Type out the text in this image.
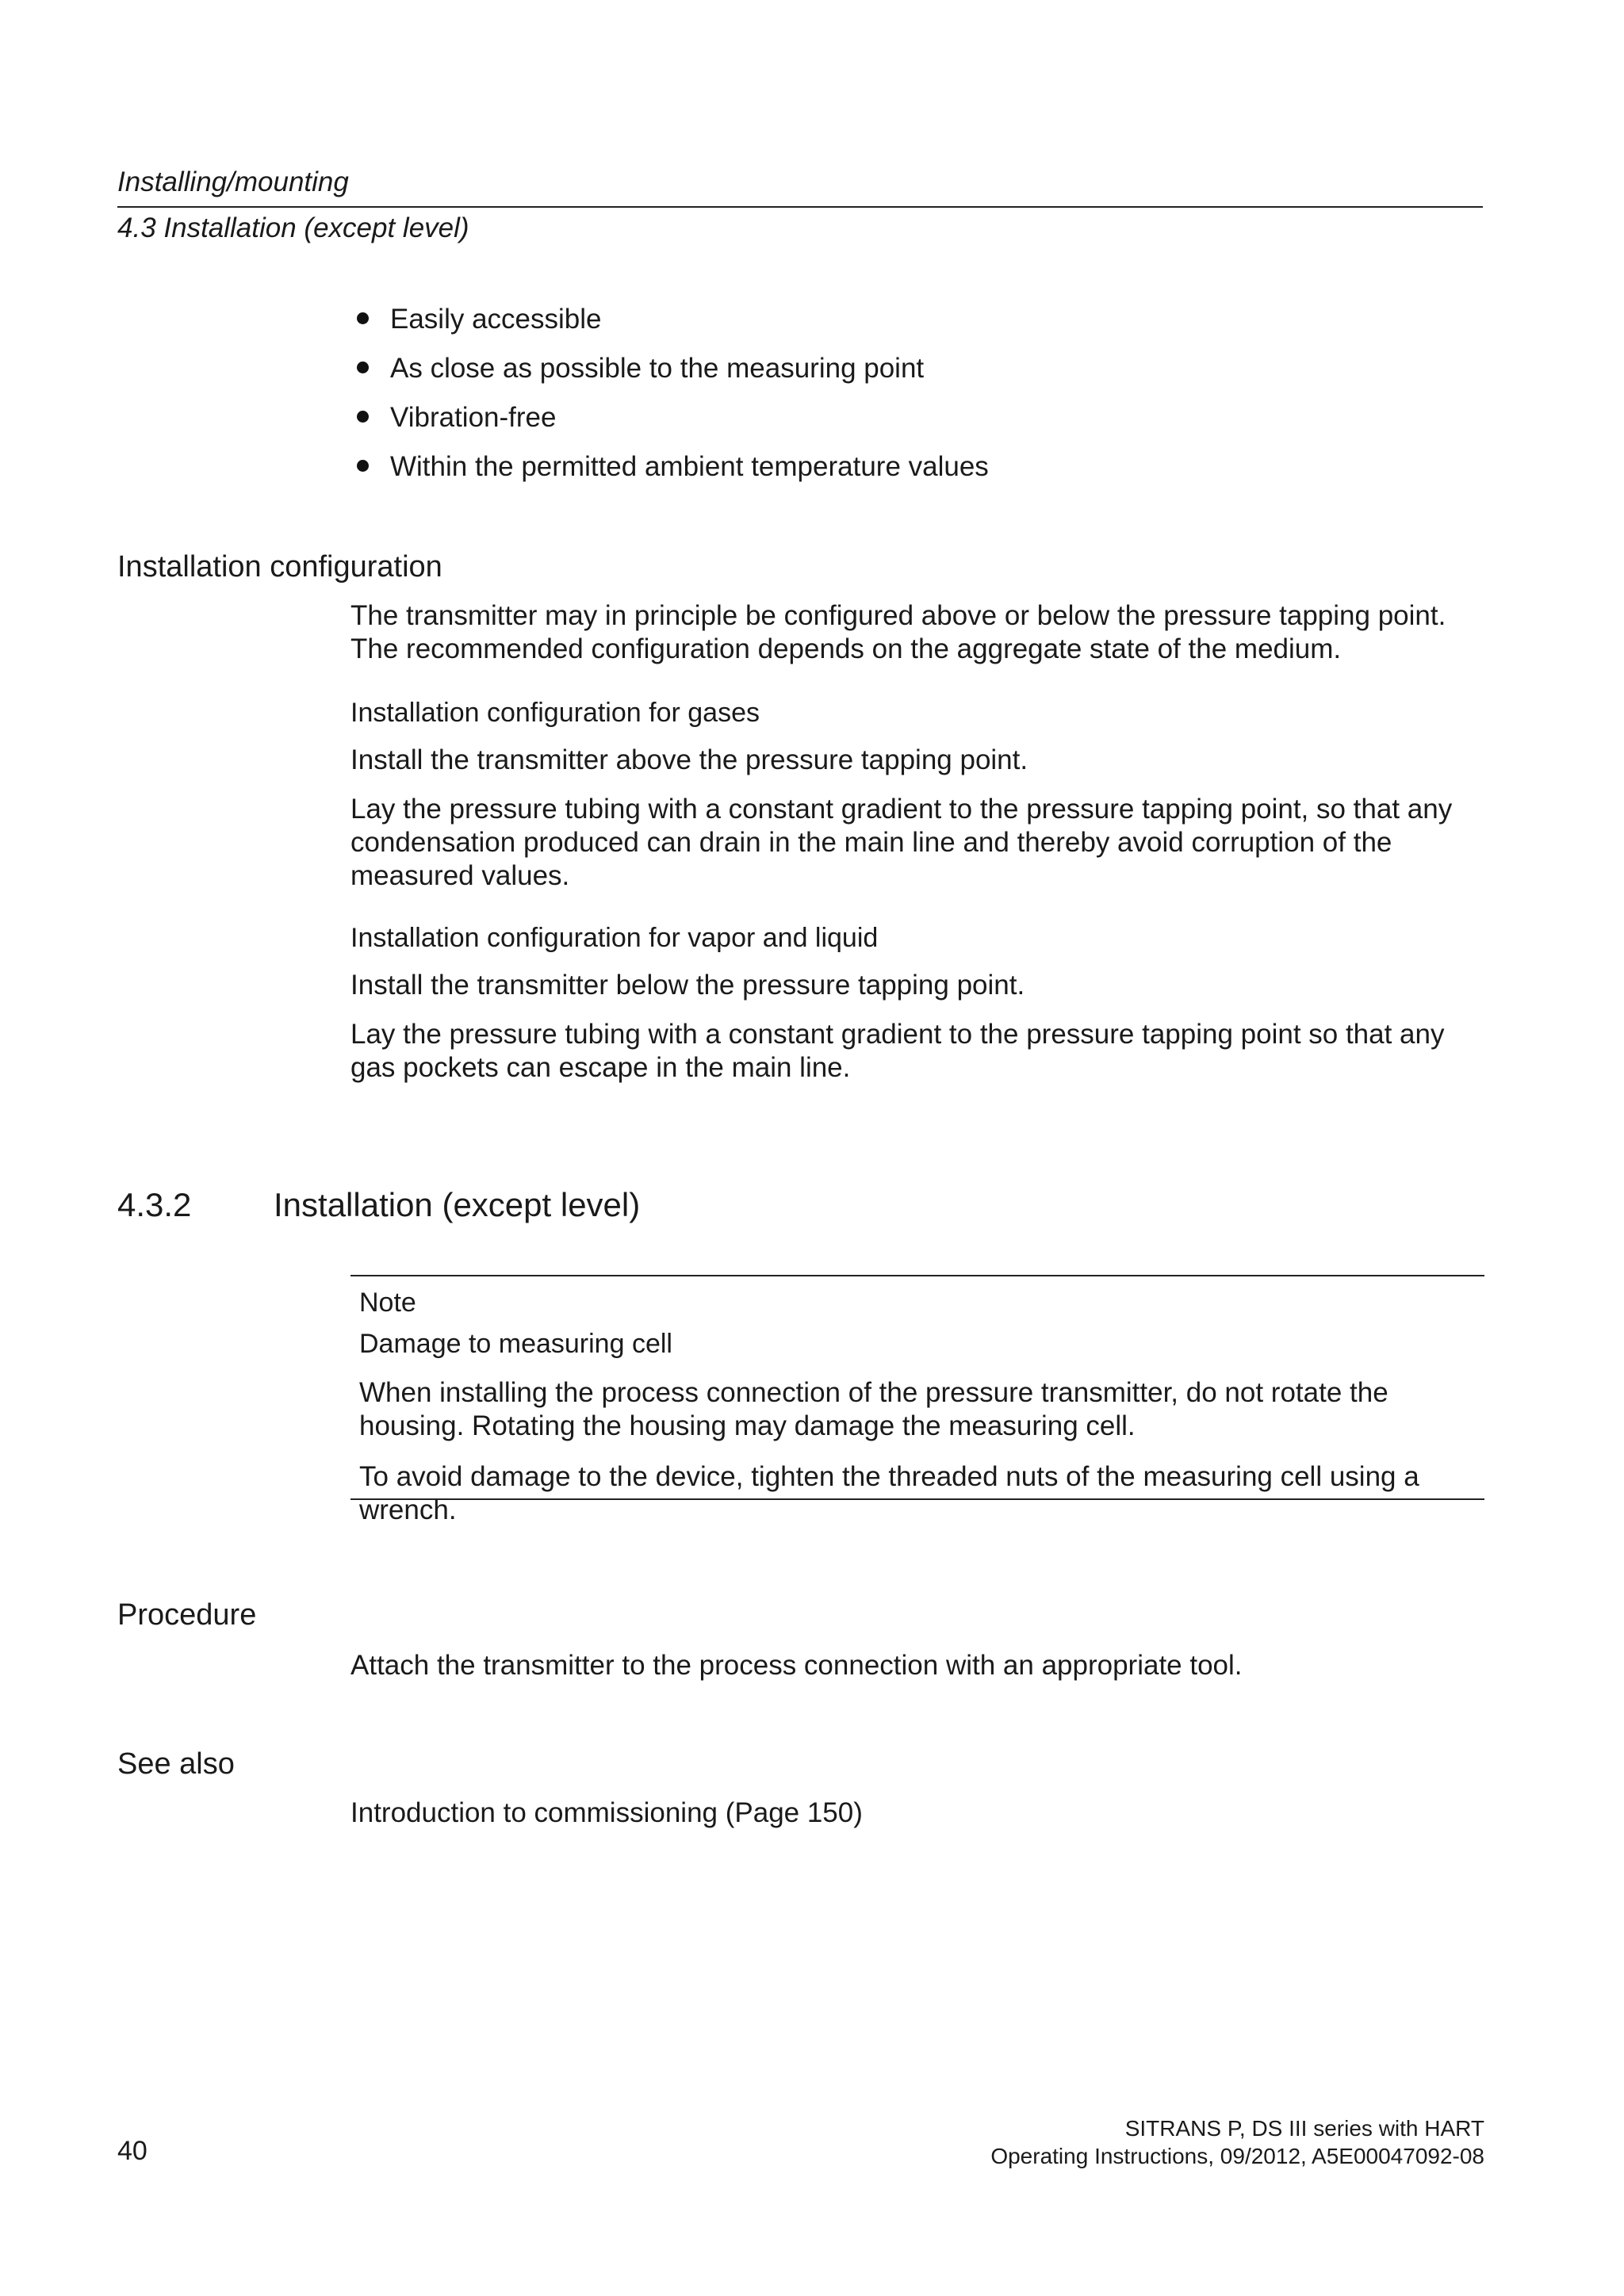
Installing/mounting
4.3 Installation (except level)
Easily accessible
As close as possible to the measuring point
Vibration-free
Within the permitted ambient temperature values
Installation configuration

The transmitter may in principle be configured above or below the pressure tapping point. The recommended configuration depends on the aggregate state of the medium.

Installation configuration for gases

Install the transmitter above the pressure tapping point.

Lay the pressure tubing with a constant gradient to the pressure tapping point, so that any condensation produced can drain in the main line and thereby avoid corruption of the measured values.

Installation configuration for vapor and liquid

Install the transmitter below the pressure tapping point.

Lay the pressure tubing with a constant gradient to the pressure tapping point so that any gas pockets can escape in the main line.

4.3.2 Installation (except level)
Note
Damage to measuring cell

When installing the process connection of the pressure transmitter, do not rotate the housing. Rotating the housing may damage the measuring cell.

To avoid damage to the device, tighten the threaded nuts of the measuring cell using a wrench.

Procedure

Attach the transmitter to the process connection with an appropriate tool.

See also

Introduction to commissioning (Page 150)

40
SITRANS P, DS III series with HART
Operating Instructions, 09/2012, A5E00047092-08
